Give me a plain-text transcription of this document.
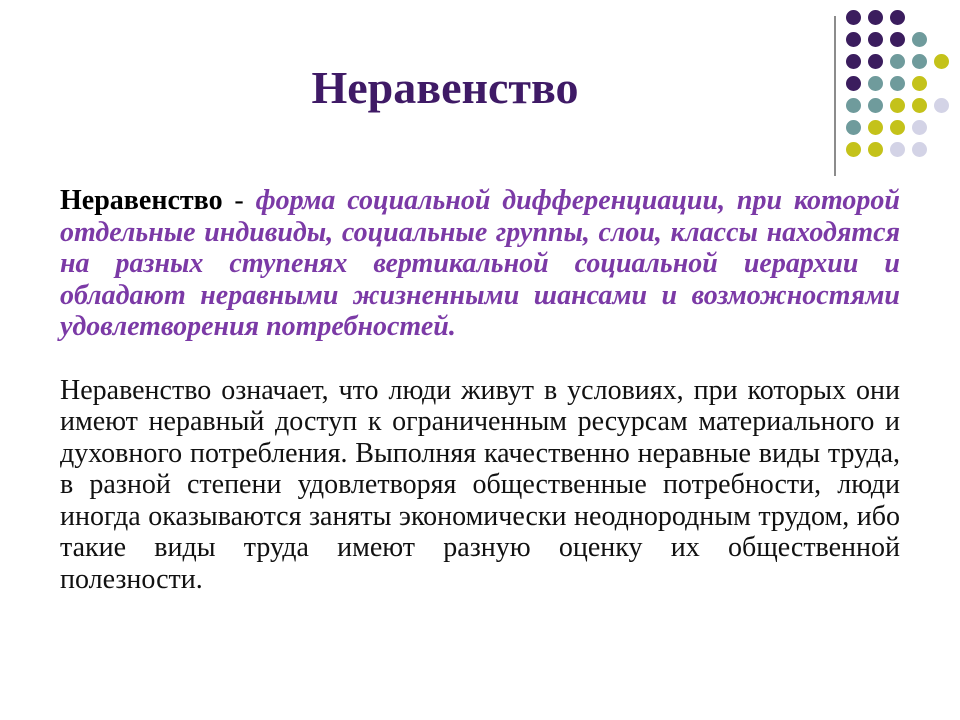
Неравенство

Неравенство - форма социальной дифференциации, при которой отдельные индивиды, социальные группы, слои, классы находятся на разных ступенях вертикальной социальной иерархии и обладают неравными жизненными шансами и возможностями удовлетворения потребностей.

Неравенство означает, что люди живут в условиях, при которых они имеют неравный доступ к ограниченным ресурсам материального и духовного потребления. Выполняя качественно неравные виды труда, в разной степени удовлетворяя общественные потребности, люди иногда оказываются заняты экономически неоднородным трудом, ибо такие виды труда имеют разную оценку их общественной полезности.
